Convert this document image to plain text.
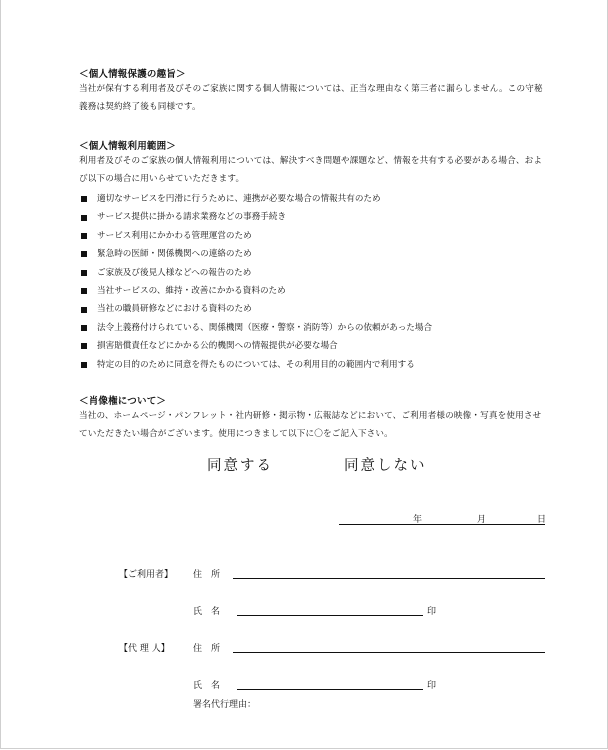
＜個人情報保護の趣旨＞
当社が保有する利用者及びそのご家族に関する個人情報については、正当な理由なく第三者に漏らしません。この守秘義務は契約終了後も同様です。
＜個人情報利用範囲＞
利用者及びそのご家族の個人情報利用については、解決すべき問題や課題など、情報を共有する必要がある場合、および以下の場合に用いらせていただきます。
適切なサービスを円滑に行うために、連携が必要な場合の情報共有のため
サービス提供に掛かる請求業務などの事務手続き
サービス利用にかかわる管理運営のため
緊急時の医師・関係機関への連絡のため
ご家族及び後見人様などへの報告のため
当社サービスの、維持・改善にかかる資料のため
当社の職員研修などにおける資料のため
法令上義務付けられている、関係機関（医療・警察・消防等）からの依頼があった場合
損害賠償責任などにかかる公的機関への情報提供が必要な場合
特定の目的のために同意を得たものについては、その利用目的の範囲内で利用する
＜肖像権について＞
当社の、ホームページ・パンフレット・社内研修・掲示物・広報誌などにおいて、ご利用者様の映像・写真を使用させていただきたい場合がございます。使用につきまして以下に〇をご記入下さい。
同意する	同意しない
年	月	日
【ご利用者】 住　所
氏　名	印
【代 理 人】	住　所
氏　名	印
署名代行理由：
